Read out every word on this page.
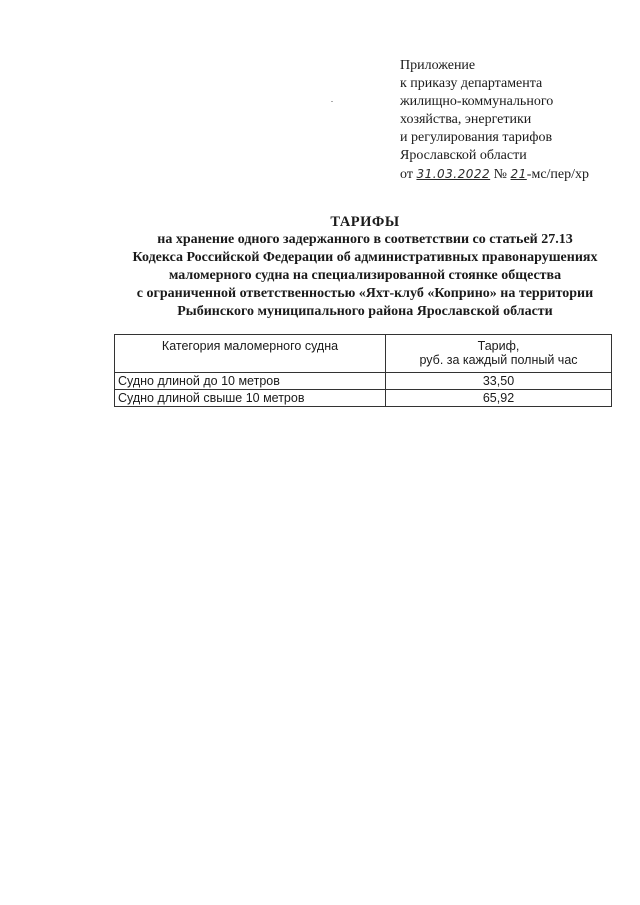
Приложение
к приказу департамента
жилищно-коммунального
хозяйства, энергетики
и регулирования тарифов
Ярославской области
от 31.03.2022 № 21-мс/пер/хр
ТАРИФЫ
на хранение одного задержанного в соответствии со статьей 27.13
Кодекса Российской Федерации об административных правонарушениях
маломерного судна на специализированной стоянке общества
с ограниченной ответственностью «Яхт-клуб «Коприно» на территории
Рыбинского муниципального района Ярославской области
Категория маломерного судна	Тариф,
руб. за каждый полный час

Судно длиной до 10 метров	33,50
Судно длиной свыше 10 метров	65,92
